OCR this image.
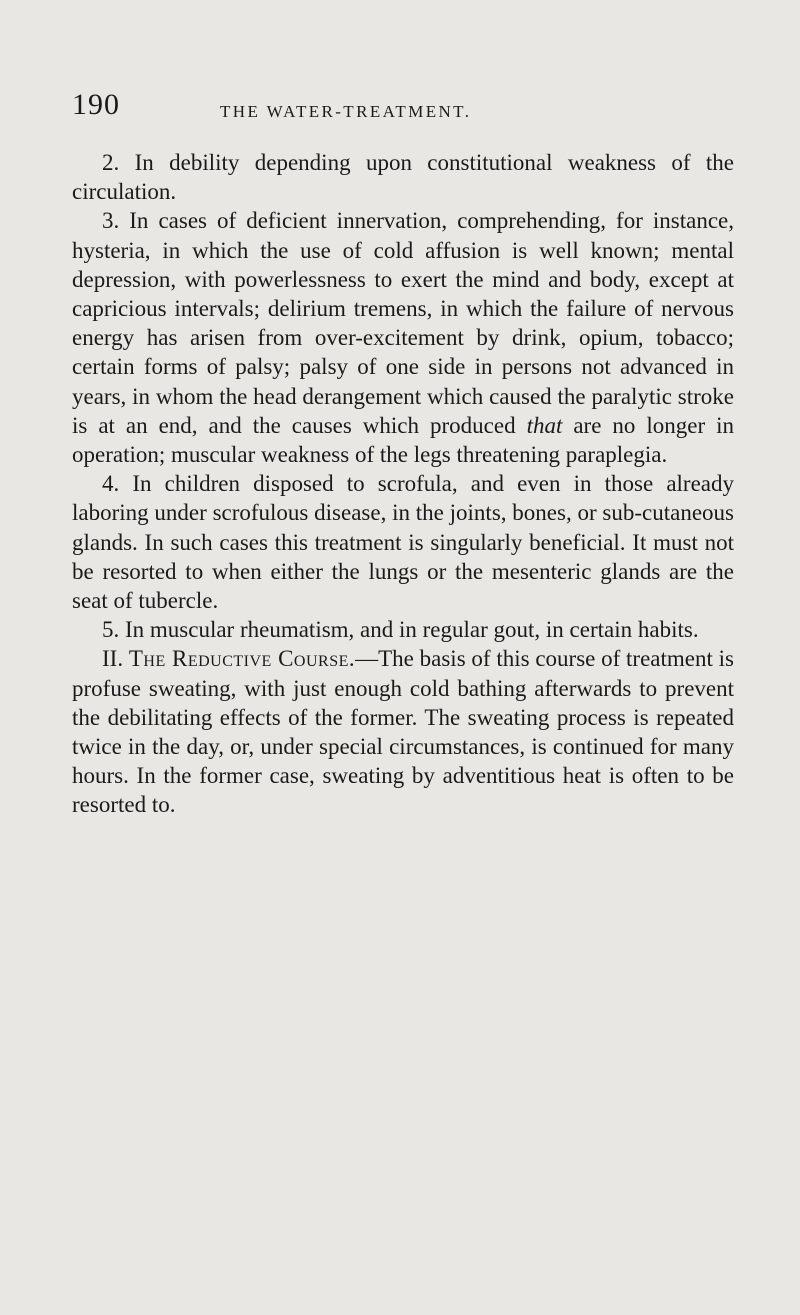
190	THE WATER-TREATMENT.

2. In debility depending upon constitutional weakness of the circulation.

3. In cases of deficient innervation, comprehending, for instance, hysteria, in which the use of cold affusion is well known; mental depression, with powerlessness to exert the mind and body, except at capricious intervals; delirium tremens, in which the failure of nervous energy has arisen from over-excitement by drink, opium, tobacco; certain forms of palsy; palsy of one side in persons not advanced in years, in whom the head derangement which caused the paralytic stroke is at an end, and the causes which produced that are no longer in operation; muscular weakness of the legs threatening paraplegia.

4. In children disposed to scrofula, and even in those already laboring under scrofulous disease, in the joints, bones, or sub-cutaneous glands. In such cases this treatment is singularly beneficial. It must not be resorted to when either the lungs or the mesenteric glands are the seat of tubercle.

5. In muscular rheumatism, and in regular gout, in certain habits.

II. The Reductive Course.—The basis of this course of treatment is profuse sweating, with just enough cold bathing afterwards to prevent the debilitating effects of the former. The sweating process is repeated twice in the day, or, under special circumstances, is continued for many hours. In the former case, sweating by adventitious heat is often to be resorted to.
